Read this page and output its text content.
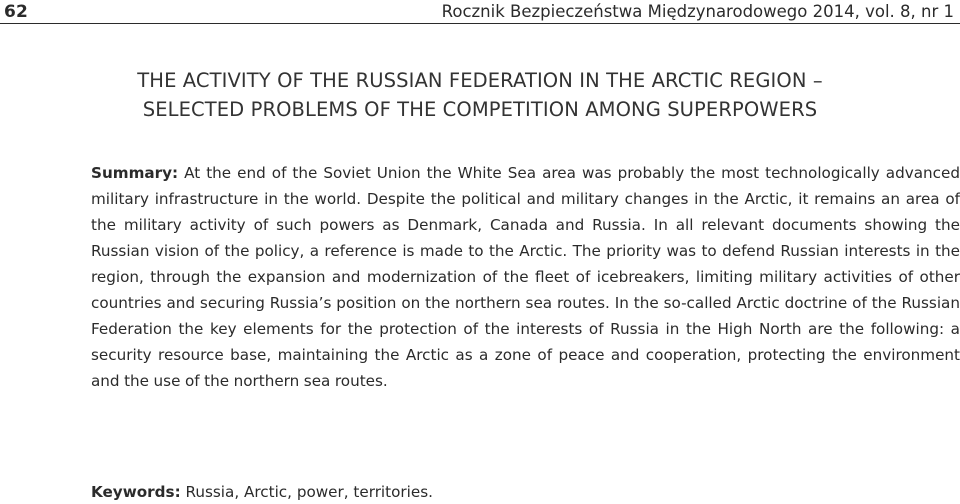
62	Rocznik Bezpieczeństwa Międzynarodowego 2014, vol. 8, nr 1
THE ACTIVITY OF THE RUSSIAN FEDERATION IN THE ARCTIC REGION –
SELECTED PROBLEMS OF THE COMPETITION AMONG SUPERPOWERS
Summary: At the end of the Soviet Union the White Sea area was probably the most technologically advanced military infrastructure in the world. Despite the political and military changes in the Arctic, it remains an area of the military activity of such powers as Denmark, Canada and Russia. In all relevant documents showing the Russian vision of the policy, a reference is made to the Arctic. The priority was to defend Russian interests in the region, through the expansion and modernization of the fleet of icebreakers, limiting military activities of other countries and securing Russia’s position on the northern sea routes. In the so-called Arctic doctrine of the Russian Federation the key elements for the protection of the interests of Russia in the High North are the following: a security resource base, maintaining the Arctic as a zone of peace and cooperation, protecting the environment and the use of the northern sea routes.
Keywords: Russia, Arctic, power, territories.
